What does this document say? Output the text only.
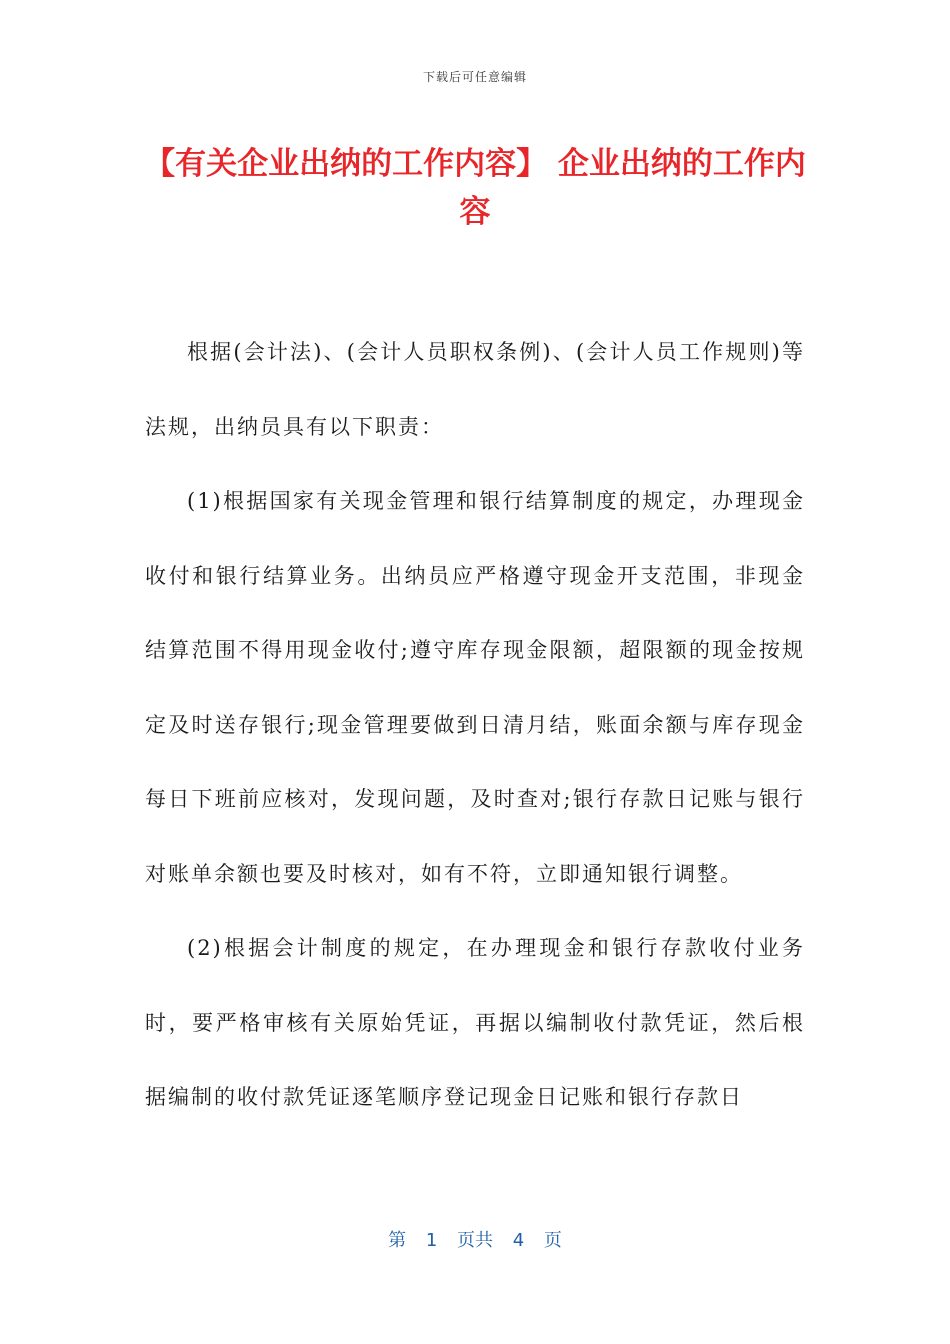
下载后可任意编辑
【有关企业出纳的工作内容】 企业出纳的工作内容

根据(会计法)、(会计人员职权条例)、(会计人员工作规则)等法规，出纳员具有以下职责：

(1)根据国家有关现金管理和银行结算制度的规定，办理现金收付和银行结算业务。出纳员应严格遵守现金开支范围，非现金结算范围不得用现金收付;遵守库存现金限额，超限额的现金按规定及时送存银行;现金管理要做到日清月结，账面余额与库存现金每日下班前应核对，发现问题，及时查对;银行存款日记账与银行对账单余额也要及时核对，如有不符，立即通知银行调整。

(2)根据会计制度的规定，在办理现金和银行存款收付业务时，要严格审核有关原始凭证，再据以编制收付款凭证，然后根据编制的收付款凭证逐笔顺序登记现金日记账和银行存款日

第 1 页共 4 页
